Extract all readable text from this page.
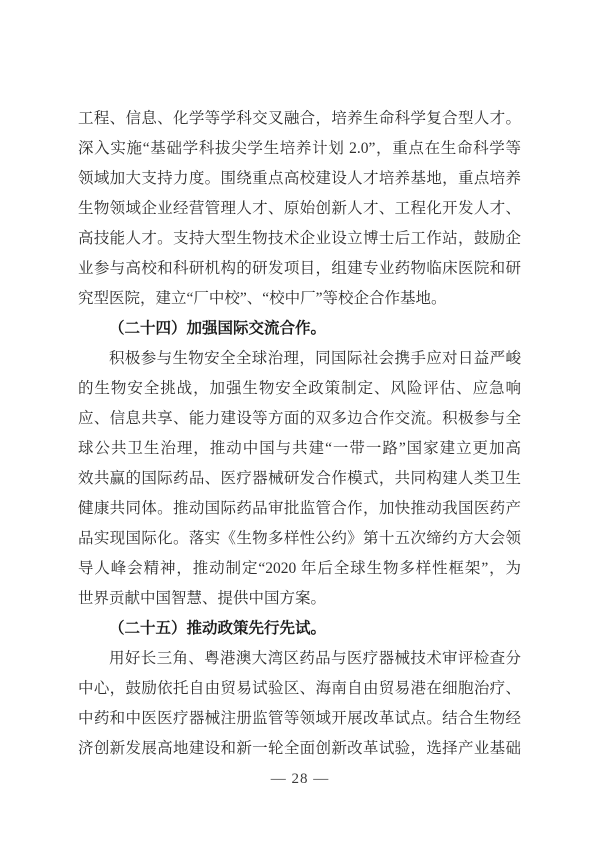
工程、信息、化学等学科交叉融合，培养生命科学复合型人才。
深入实施“基础学科拔尖学生培养计划 2.0”，重点在生命科学等
领域加大支持力度。围绕重点高校建设人才培养基地，重点培养
生物领域企业经营管理人才、原始创新人才、工程化开发人才、
高技能人才。支持大型生物技术企业设立博士后工作站，鼓励企
业参与高校和科研机构的研发项目，组建专业药物临床医院和研
究型医院，建立“厂中校”、“校中厂”等校企合作基地。
（二十四）加强国际交流合作。
积极参与生物安全全球治理，同国际社会携手应对日益严峻
的生物安全挑战，加强生物安全政策制定、风险评估、应急响
应、信息共享、能力建设等方面的双多边合作交流。积极参与全
球公共卫生治理，推动中国与共建“一带一路”国家建立更加高
效共赢的国际药品、医疗器械研发合作模式，共同构建人类卫生
健康共同体。推动国际药品审批监管合作，加快推动我国医药产
品实现国际化。落实《生物多样性公约》第十五次缔约方大会领
导人峰会精神，推动制定“2020 年后全球生物多样性框架”，为
世界贡献中国智慧、提供中国方案。
（二十五）推动政策先行先试。
用好长三角、粤港澳大湾区药品与医疗器械技术审评检查分
中心，鼓励依托自由贸易试验区、海南自由贸易港在细胞治疗、
中药和中医医疗器械注册监管等领域开展改革试点。结合生物经
济创新发展高地建设和新一轮全面创新改革试验，选择产业基础
— 28 —
